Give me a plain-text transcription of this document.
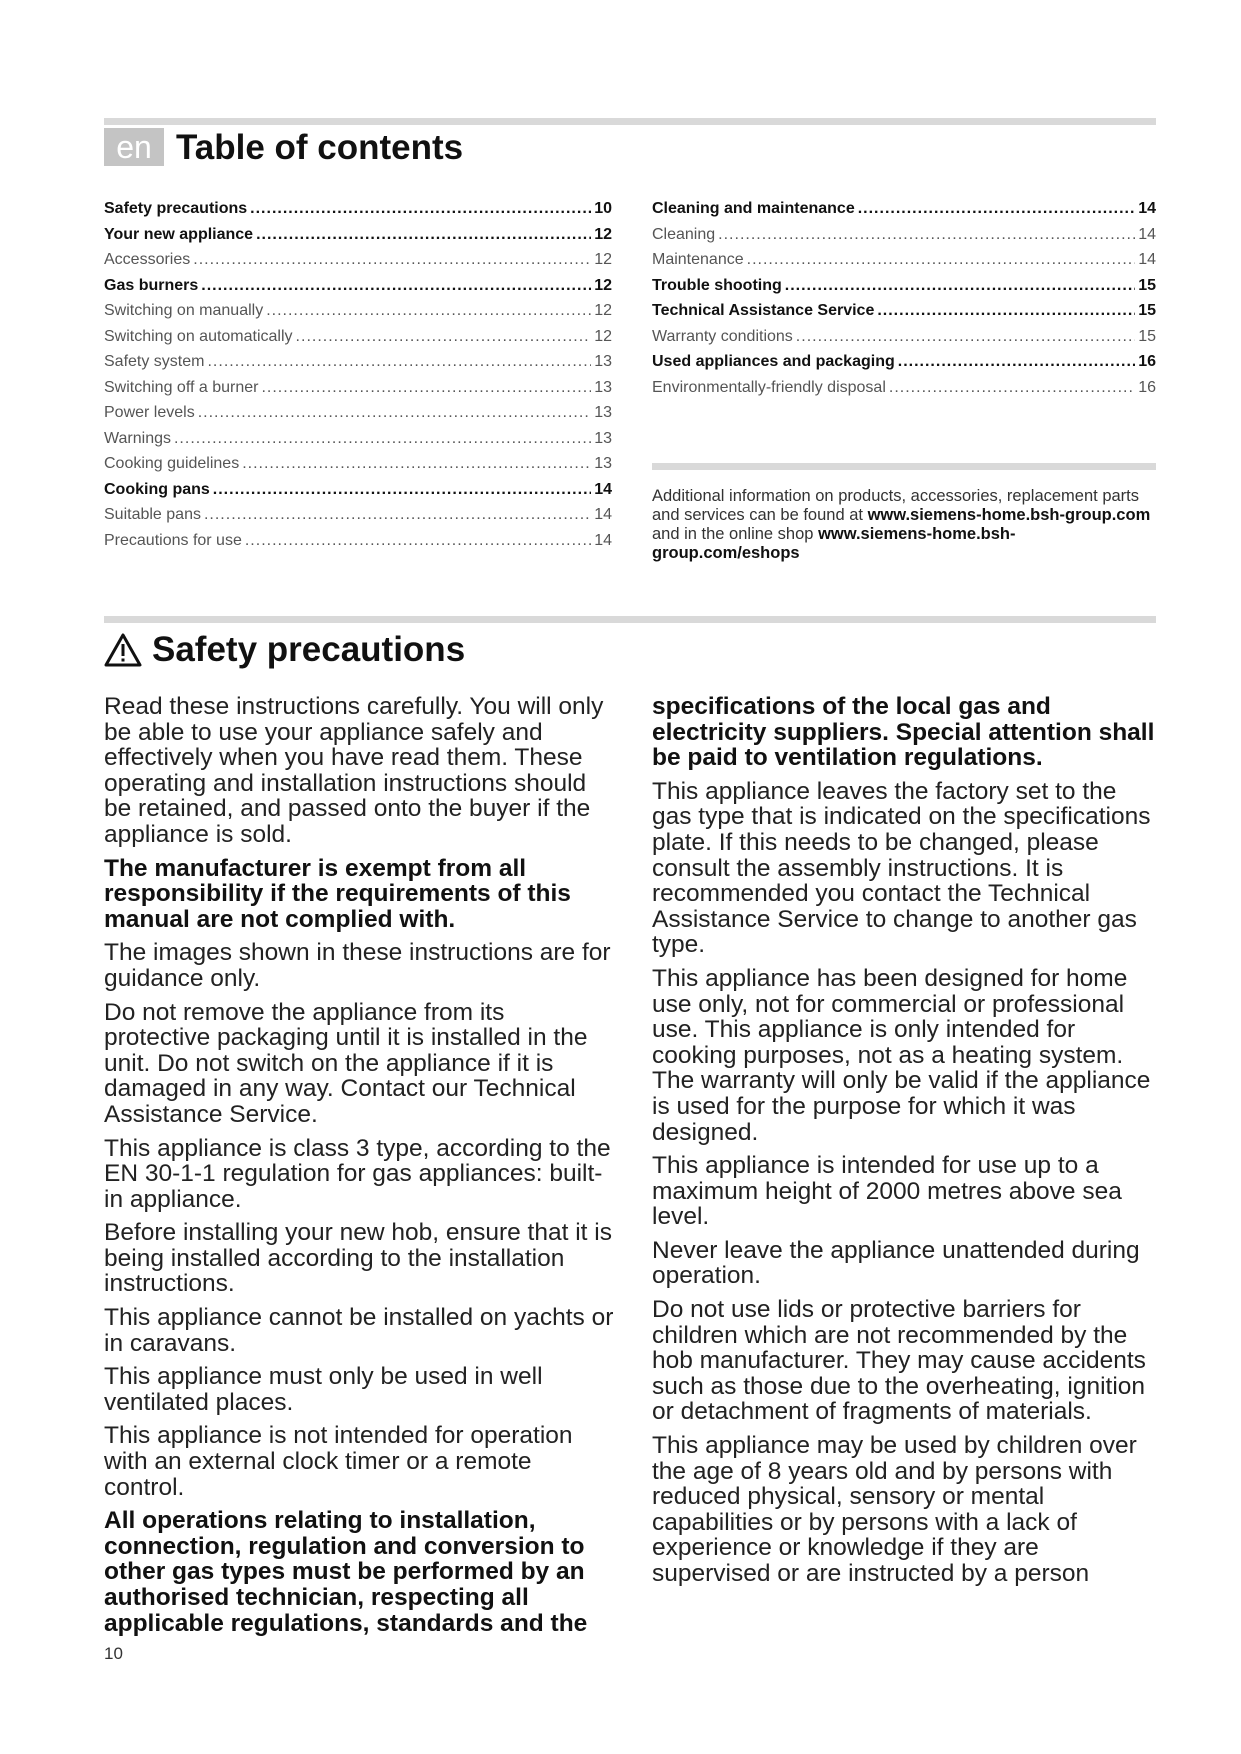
en Table of contents
Safety precautions .....	10
Your new appliance .....	12
Accessories .....	12
Gas burners .....	12
Switching on manually .....	12
Switching on automatically .....	12
Safety system .....	13
Switching off a burner .....	13
Power levels .....	13
Warnings .....	13
Cooking guidelines .....	13
Cooking pans .....	14
Suitable pans .....	14
Precautions for use .....	14
Cleaning and maintenance .....	14
Cleaning .....	14
Maintenance .....	14
Trouble shooting .....	15
Technical Assistance Service .....	15
Warranty conditions .....	15
Used appliances and packaging .....	16
Environmentally-friendly disposal .....	16
Additional information on products, accessories, replacement parts and services can be found at www.siemens-home.bsh-group.com and in the online shop www.siemens-home.bsh-group.com/eshops
Safety precautions

Read these instructions carefully. You will only be able to use your appliance safely and effectively when you have read them. These operating and installation instructions should be retained, and passed onto the buyer if the appliance is sold.

The manufacturer is exempt from all responsibility if the requirements of this manual are not complied with.

The images shown in these instructions are for guidance only.

Do not remove the appliance from its protective packaging until it is installed in the unit. Do not switch on the appliance if it is damaged in any way. Contact our Technical Assistance Service.

This appliance is class 3 type, according to the EN 30-1-1 regulation for gas appliances: built-in appliance.

Before installing your new hob, ensure that it is being installed according to the installation instructions.

This appliance cannot be installed on yachts or in caravans.

This appliance must only be used in well ventilated places.

This appliance is not intended for operation with an external clock timer or a remote control.

All operations relating to installation, connection, regulation and conversion to other gas types must be performed by an authorised technician, respecting all applicable regulations, standards and the

specifications of the local gas and electricity suppliers. Special attention shall be paid to ventilation regulations.

This appliance leaves the factory set to the gas type that is indicated on the specifications plate. If this needs to be changed, please consult the assembly instructions. It is recommended you contact the Technical Assistance Service to change to another gas type.

This appliance has been designed for home use only, not for commercial or professional use. This appliance is only intended for cooking purposes, not as a heating system. The warranty will only be valid if the appliance is used for the purpose for which it was designed.

This appliance is intended for use up to a maximum height of 2000 metres above sea level.

Never leave the appliance unattended during operation.

Do not use lids or protective barriers for children which are not recommended by the hob manufacturer. They may cause accidents such as those due to the overheating, ignition or detachment of fragments of materials.

This appliance may be used by children over the age of 8 years old and by persons with reduced physical, sensory or mental capabilities or by persons with a lack of experience or knowledge if they are supervised or are instructed by a person

10
